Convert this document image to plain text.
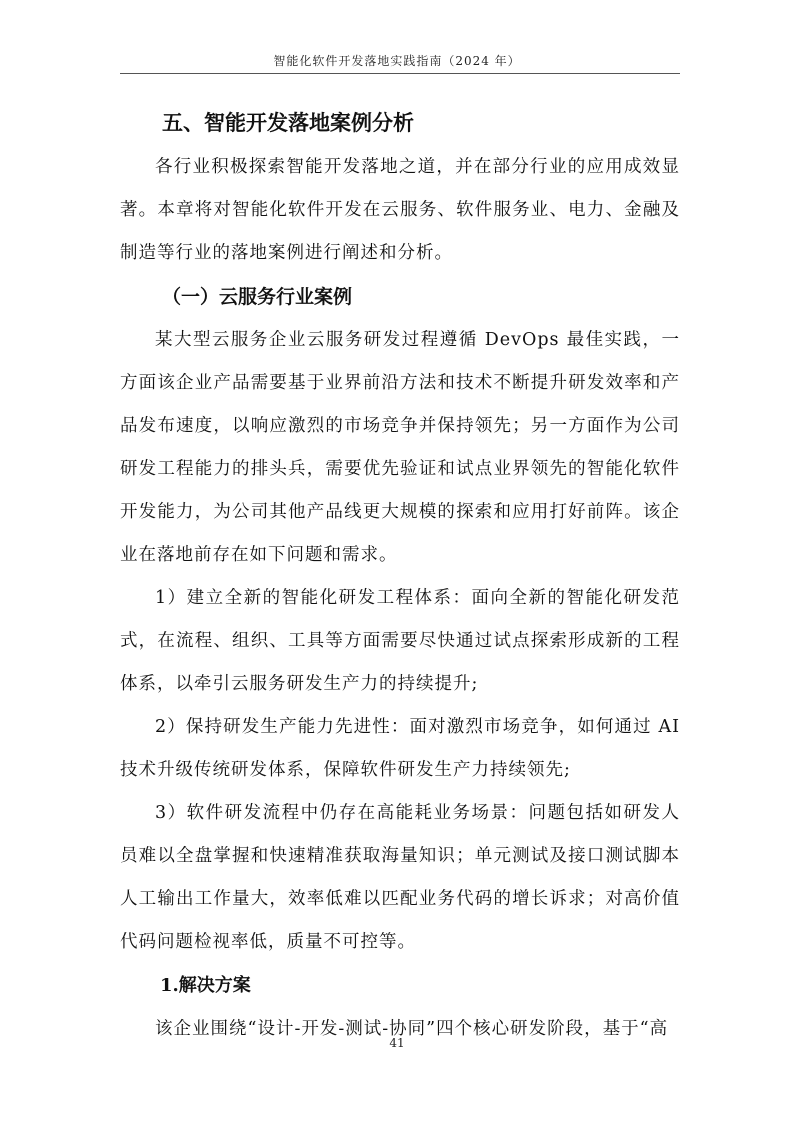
智能化软件开发落地实践指南（2024 年）
五、智能开发落地案例分析

各行业积极探索智能开发落地之道，并在部分行业的应用成效显著。本章将对智能化软件开发在云服务、软件服务业、电力、金融及制造等行业的落地案例进行阐述和分析。

（一）云服务行业案例

某大型云服务企业云服务研发过程遵循 DevOps 最佳实践，一方面该企业产品需要基于业界前沿方法和技术不断提升研发效率和产品发布速度，以响应激烈的市场竞争并保持领先；另一方面作为公司研发工程能力的排头兵，需要优先验证和试点业界领先的智能化软件开发能力，为公司其他产品线更大规模的探索和应用打好前阵。该企业在落地前存在如下问题和需求。

1）建立全新的智能化研发工程体系：面向全新的智能化研发范式，在流程、组织、工具等方面需要尽快通过试点探索形成新的工程体系，以牵引云服务研发生产力的持续提升;

2）保持研发生产能力先进性：面对激烈市场竞争，如何通过 AI 技术升级传统研发体系，保障软件研发生产力持续领先;

3）软件研发流程中仍存在高能耗业务场景：问题包括如研发人员难以全盘掌握和快速精准获取海量知识；单元测试及接口测试脚本人工输出工作量大，效率低难以匹配业务代码的增长诉求；对高价值代码问题检视率低，质量不可控等。

1.解决方案

该企业围绕“设计-开发-测试-协同”四个核心研发阶段，基于“高

41
